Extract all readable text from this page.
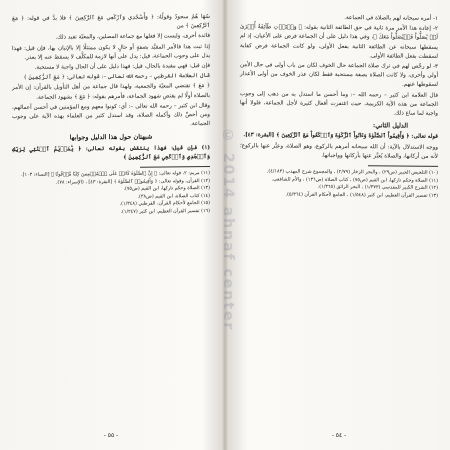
سُهَا هُمُ سجودٌ وقولُهُ: ﴿ وَأَسْجُدِي وَٱرْكَعِي مَعَ ٱلرَّٰكِعِينَ ﴾ فلا بدَّ في قوله: ﴿ مَعَ ٱلرَّٰكِعِينَ ﴾ من

فائدة أخرى، وليست إلا فعلها مع جماعة المصلين، والمعيّة تفيد ذلك.

إذا ثبت هذا فالأمر المقيَّد بصفةٍ أو حالٍ لا يكون ممتثلًا إلا بالإتيان بها، فإن قيل: فهذا يدل على وجوب الجماعة، قيل: يدل على أنها لازمة للمكلَّف لا يسقط عنه إلا بعذر.

فإن قيل: فهي مقيدة بالحال، قيل: فهذا دليل على أن الحال واجبة لا مستحبة.

قال العلامة القرطبي – رحمه الله تعالى –: قوله تعالى: ﴿ مَعَ ٱلرَّٰكِعِينَ ﴾

﴿ مَعَ ﴾ تقتضي المعيّة والجمعية، ولهذا قال جماعة من أهل التأويل بالقرآن: إن الأمر بالصلاة أولًا لم يقتضِ شهود الجماعة، فأمرهم بقوله: ﴿ مَعَ ﴾ بشهود الجماعة.

وقال ابن كثير – رحمه الله تعالى –: أي: كونوا معهم ومع المؤمنين في أحسن أعمالهم، ومن أخصِّ ذلك وأكمله الصلاة، وقد استدل كثير من العلماء بهذه الآية على وجوب الجماعة.

شبهتان حول هذا الدليل وجوابها

(١) فإن قيل: فهذا ينتقض بقوله تعالى: ﴿ يَٰمَرۡيَمُ ٱقۡنُتِي لِرَبِّكِ وَٱسۡجُدِي وَٱرۡكَعِي مَعَ ٱلرَّٰكِعِينَ ﴾

(١١) مريم: ٢، قوله تعالى: ﴿ إِنَّ ٱلصَّلَوٰةَ كَانَتۡ عَلَى ٱلۡمُؤۡمِنِينَ كِتَٰبٗا مَّوۡقُوتٗا ﴾ [النساء: ١٠٣].
(١٢) القرآن، وقوله تعالى: ﴿ وَأَقِيمُوا۟ ٱلصَّلَوٰةَ ﴾ [البقرة: ٤٣] ، (الإسراء: ٧٨).
(١٣) الصلاة وحكم تاركها، ابن القيم (ص٧٥).
(١٤) كتاب الصلاة، ابن القيم (ص٣٨).
(١٥) الجامع لأحكام القرآن، القرطبي (١/٣٤٨).
(١٦) تفسير القرآن العظيم، ابن كثير (١/٢٤٧).
- ٥٥ -

١- أمره سبحانه لهم بالصلاة في الجماعة.

٢- إعادة هذا الأمر مرة ثانية في حق الطائفة الثانية بقوله: ﴿ وَلۡتَأۡتِ طَآئِفَةٌ أُخۡرَىٰ لَمۡ يُصَلُّواْ فَلۡيُصَلُّواْ مَعَكَ ﴾، وفي هذا دليل على أن الجماعة فرض على الأعيان، إذ لم يسقطها سبحانه عن الطائفة الثانية بفعل الأولى، ولو كانت الجماعة فرض كفاية لسقطت بفعل الطائفة الأولى.

٣- لو رخّص لهم في ترك صلاة الجماعة حال الخوف لكان من باب أولى في حال الأمن أولى وأحرى، ولا كانت الصلاة بصفة مستحبة فقط لكان عذر الخوف من أولى الأعذار لسقوطها عنهم.

قال العلامة ابن كثير – رحمه الله –: وما أحسن ما استدل به من ذهب إلى وجوب الجماعة من هذه الآية الكريمة، حيث اغتفرت أفعال كثيرة لأجل الجماعة، فلولا أنها واجبة لما ساغ ذلك.

الدليل الثاني:

قوله تعالى: ﴿ وَأَقِيمُواْ ٱلصَّلَوٰةَ وَءَاتُواْ ٱلزَّكَوٰةَ وَٱرۡكَعُواْ مَعَ ٱلرَّٰكِعِينَ ﴾ [البقرة: ٤٣].

ووجه الاستدلال بالآية: أن الله سبحانه أمرهم بالركوع، وهو الصلاة، وعبَّر عنها بالركوع؛ لأنه من أركانها، والصلاة يُعبَّر عنها بأركانها وواجباتها.

(١٠) التلخيص الحبير (ص٢٩) ، والبحر الزخار (٢/٧٩) ، والمجموع شرح المهذب (٤/١٨٣).
(١١) الصلاة وحكم تاركها، ابن القيم (ص٧٥) ، كتاب الصلاة (ص١٣٦) ، والأم للشافعي.
(١٢) الشرح الكبير للمقدسي (١/٣٧٣) ، البحر الرائق (١/٣٦٥).
(١٣) تفسير القرآن العظيم، ابن كثير (١/٥٤٨) ، الجامع لأحكام القرآن (٥/٣٦٤).
- ٥٤ -
© 2014 ahnaf center
